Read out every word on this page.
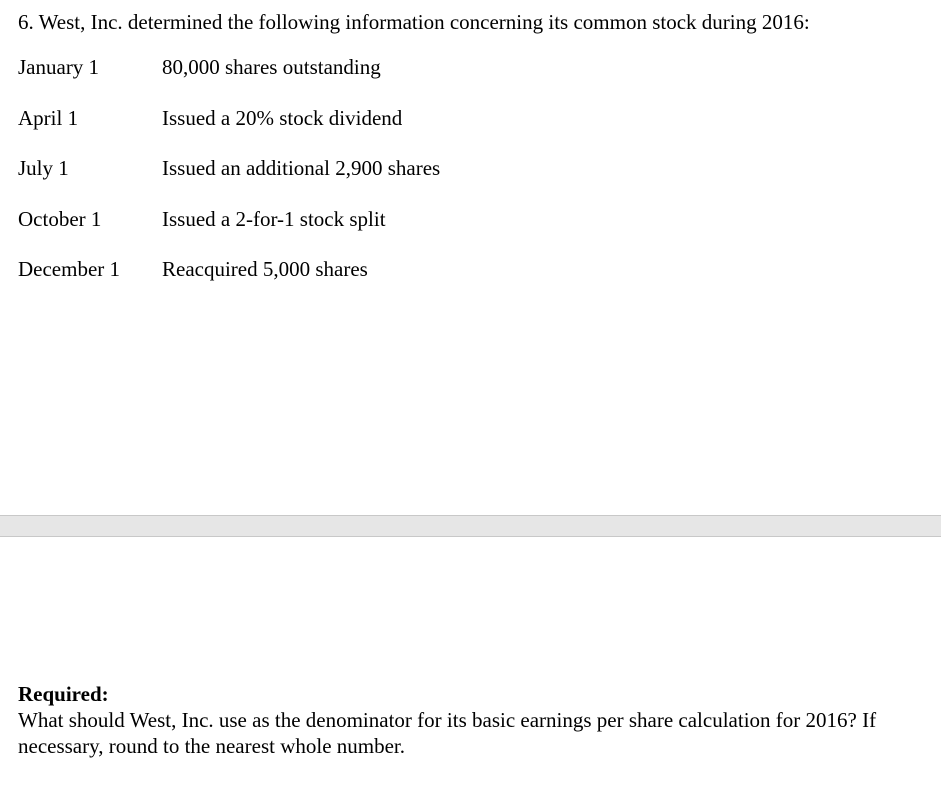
6. West, Inc. determined the following information concerning its common stock during 2016:
January 1	80,000 shares outstanding
April 1	Issued a 20% stock dividend
July 1	Issued an additional 2,900 shares
October 1	Issued a 2-for-1 stock split
December 1 Reacquired 5,000 shares
Required:
What should West, Inc. use as the denominator for its basic earnings per share calculation for 2016? If necessary, round to the nearest whole number.
